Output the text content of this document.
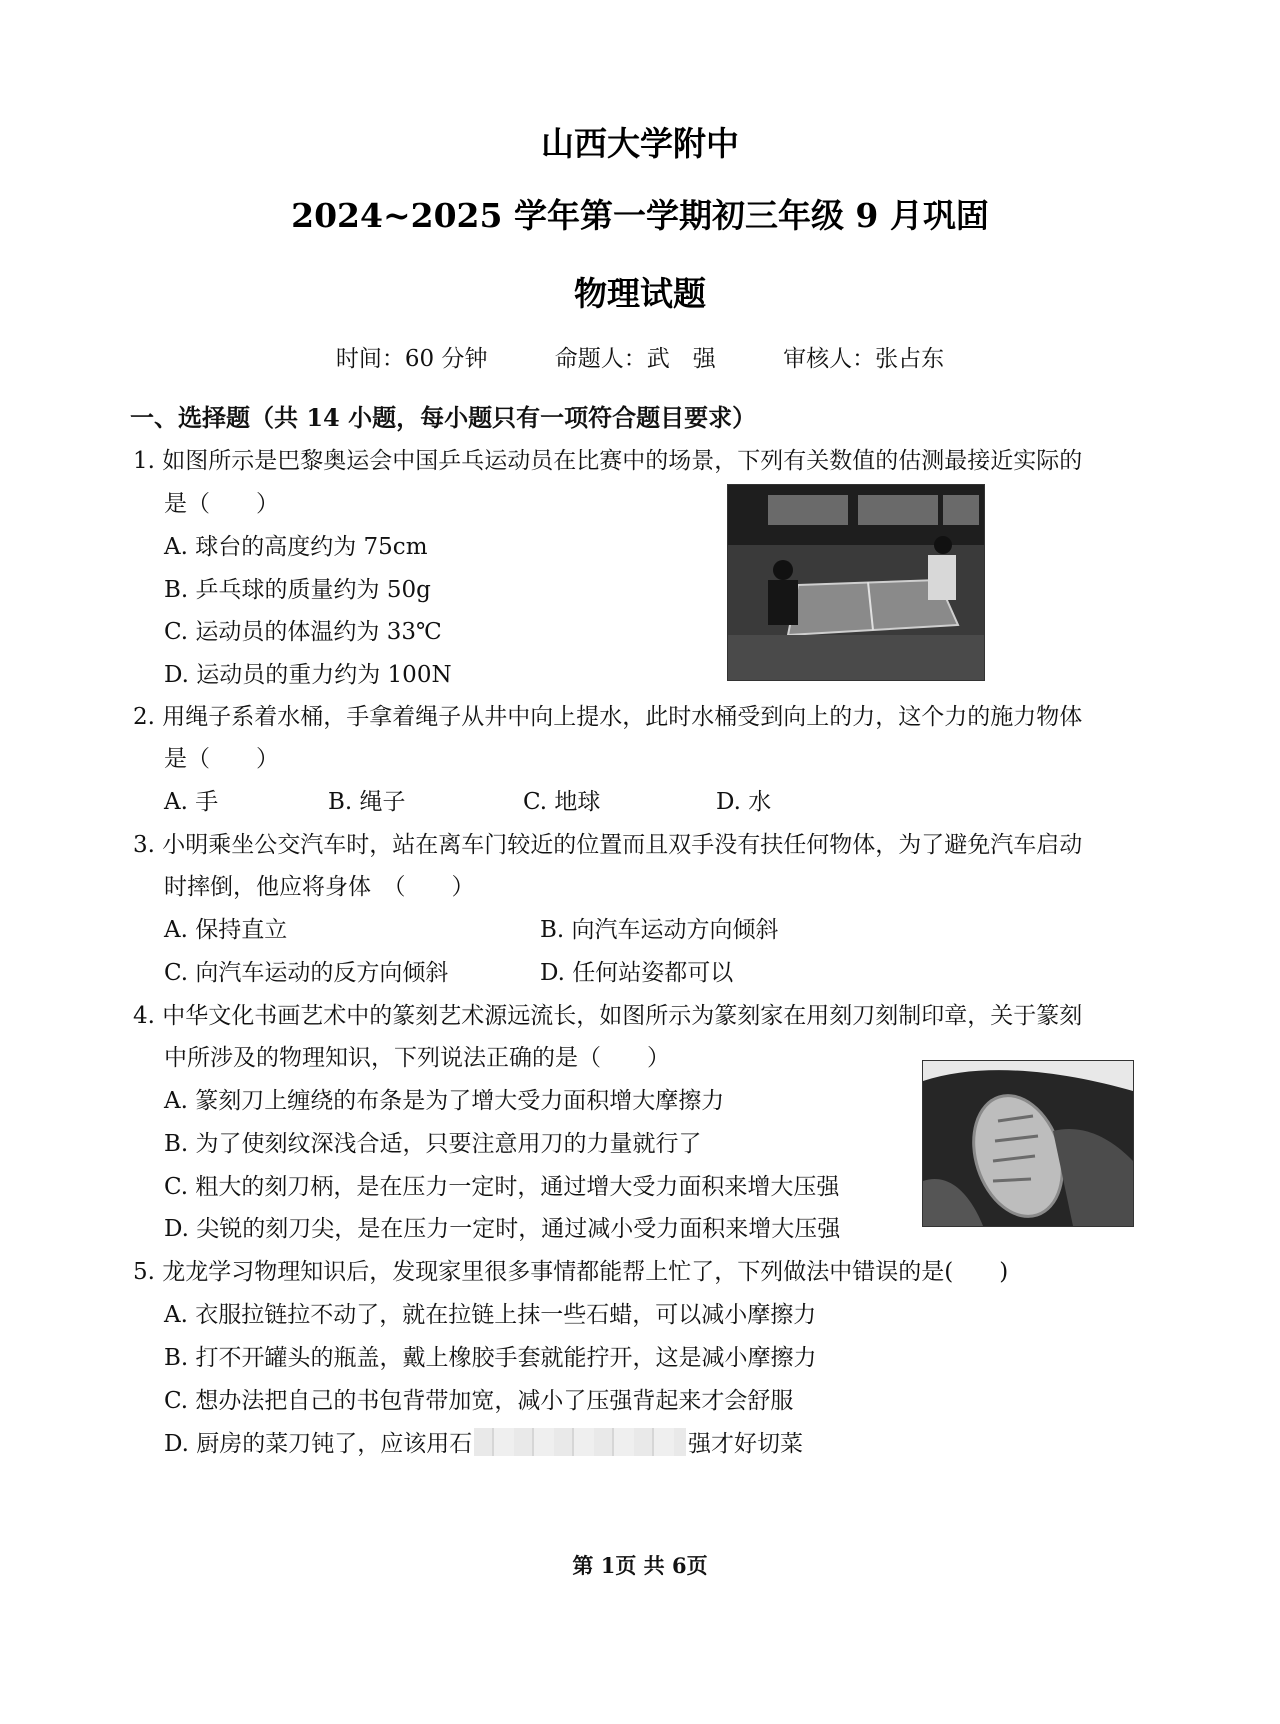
山西大学附中
2024~2025 学年第一学期初三年级 9 月巩固
物理试题
时间：60 分钟	命题人：武　强	审核人：张占东
一、选择题（共 14 小题，每小题只有一项符合题目要求）
1. 如图所示是巴黎奥运会中国乒乓运动员在比赛中的场景，下列有关数值的估测最接近实际的
是（　　）
A. 球台的高度约为 75cm
B. 乒乓球的质量约为 50g
C. 运动员的体温约为 33℃
D. 运动员的重力约为 100N
2. 用绳子系着水桶，手拿着绳子从井中向上提水，此时水桶受到向上的力，这个力的施力物体
是（　　）
A. 手	B. 绳子	C. 地球	D. 水
3. 小明乘坐公交汽车时，站在离车门较近的位置而且双手没有扶任何物体，为了避免汽车启动
时摔倒，他应将身体　（　　）
A. 保持直立	B. 向汽车运动方向倾斜
C. 向汽车运动的反方向倾斜	D. 任何站姿都可以
4. 中华文化书画艺术中的篆刻艺术源远流长，如图所示为篆刻家在用刻刀刻制印章，关于篆刻
中所涉及的物理知识，下列说法正确的是（　　）
A. 篆刻刀上缠绕的布条是为了增大受力面积增大摩擦力
B. 为了使刻纹深浅合适，只要注意用刀的力量就行了
C. 粗大的刻刀柄，是在压力一定时，通过增大受力面积来增大压强
D. 尖锐的刻刀尖，是在压力一定时，通过减小受力面积来增大压强
5. 龙龙学习物理知识后，发现家里很多事情都能帮上忙了，下列做法中错误的是(　　)
A. 衣服拉链拉不动了，就在拉链上抹一些石蜡，可以减小摩擦力
B. 打不开罐头的瓶盖，戴上橡胶手套就能拧开，这是减小摩擦力
C. 想办法把自己的书包背带加宽，减小了压强背起来才会舒服
D. 厨房的菜刀钝了，应该用石	强才好切菜
第 1页 共 6页
